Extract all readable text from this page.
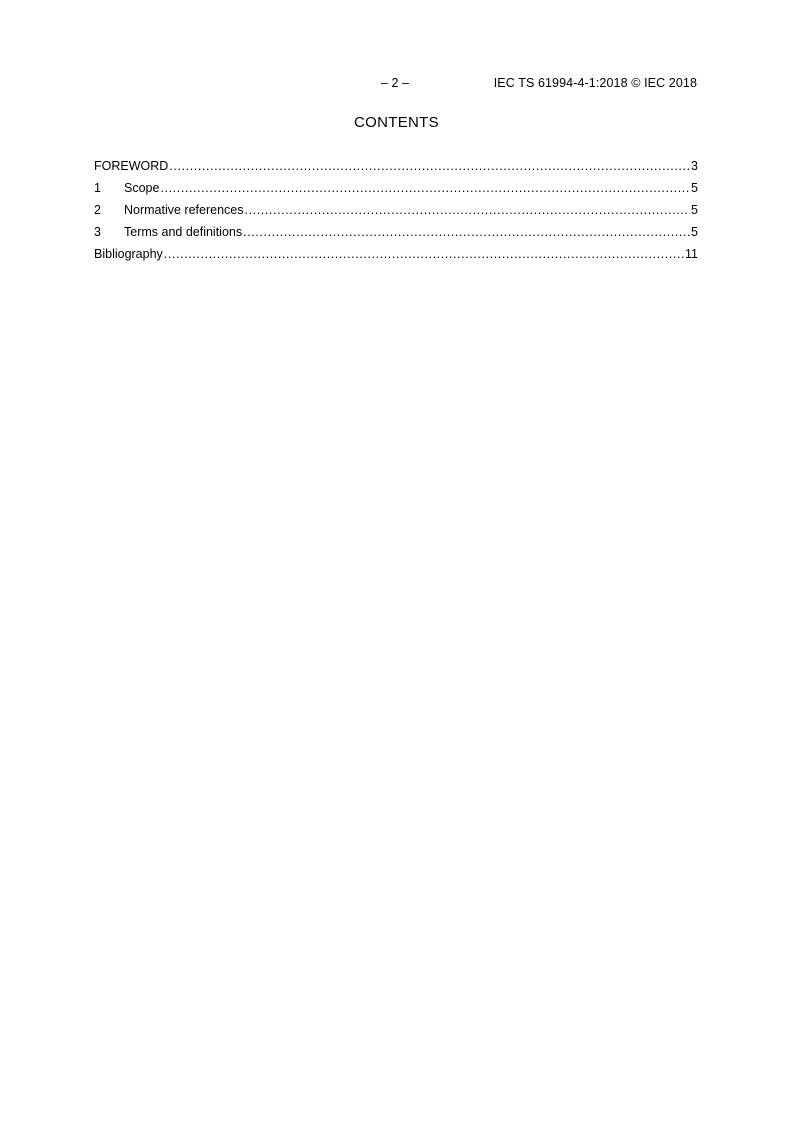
– 2 –	IEC TS 61994-4-1:2018 © IEC 2018
CONTENTS
FOREWORD .....	3
1	Scope .....	5
2	Normative references .....	5
3	Terms and definitions .....	5
Bibliography .....	11
